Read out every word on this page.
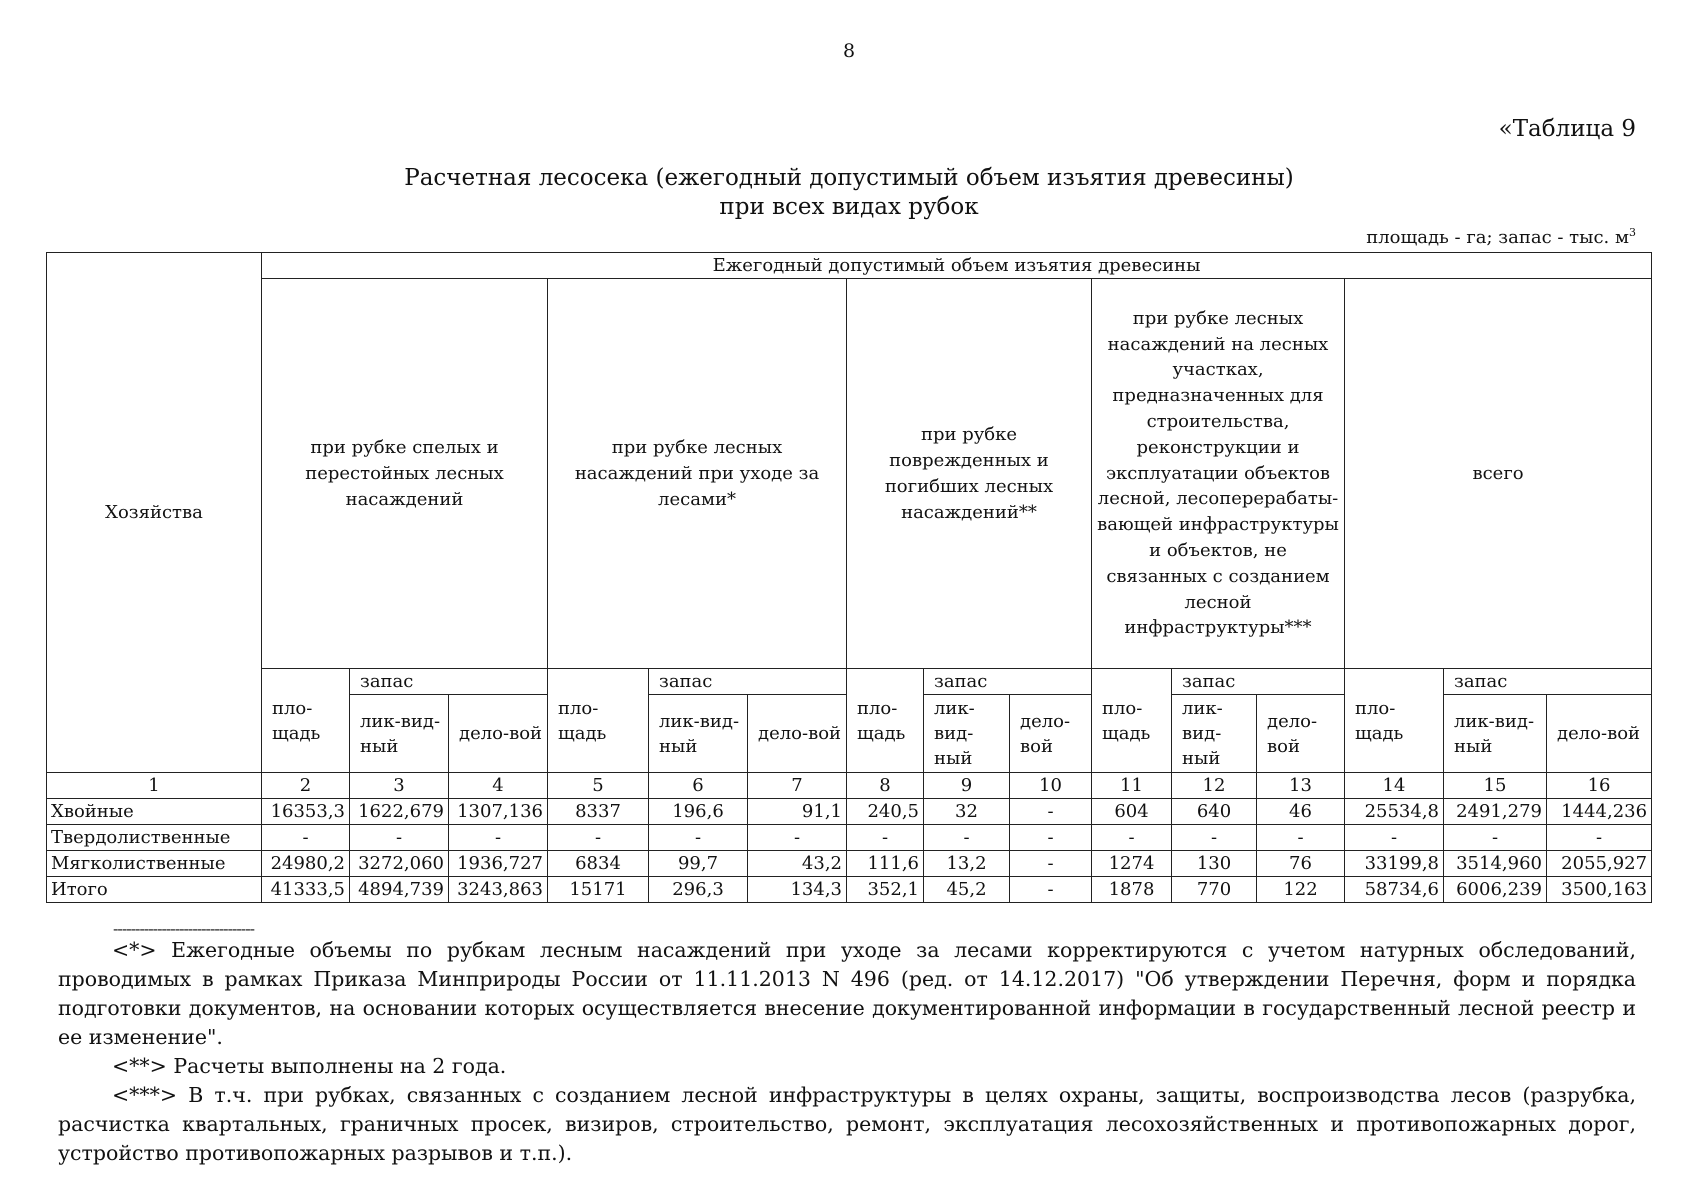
8
«Таблица 9
Расчетная лесосека (ежегодный допустимый объем изъятия древесины)
при всех видах рубок
площадь - га; запас - тыс. $м^3$
Хозяйства	Ежегодный допустимый объем изъятия древесины														
	при рубке спелых и перестойных лесных насаждений			при рубке лесных насаждений при уходе за лесами*			при рубке поврежденных и погибших лесных насаждений**			при рубке лесных насаждений на лесных участках, предназначенных для строительства, реконструкции и эксплуатации объектов лесной, лесоперерабаты-вающей инфраструктуры и объектов, не связанных с созданием лесной инфраструктуры***			всего		
	пло-щадь	запас		пло-щадь	запас		пло-щадь	запас		пло-щадь	запас		пло-щадь	запас	
		лик-вид-ный	дело-вой		лик-вид-ный	дело-вой		лик-вид-ный	дело-вой		лик-вид-ный	дело-вой		лик-вид-ный	дело-вой
1	2	3	4	5	6	7	8	9	10	11	12	13	14	15	16
Хвойные	16353,3	1622,679	1307,136	8337	196,6	91,1	240,5	32	-	604	640	46	25534,8	2491,279	1444,236
Твердолиственные	-	-	-	-	-	-	-	-	-	-	-	-	-	-	-
Мягколиственные	24980,2	3272,060	1936,727	6834	99,7	43,2	111,6	13,2	-	1274	130	76	33199,8	3514,960	2055,927
Итого	41333,5	4894,739	3243,863	15171	296,3	134,3	352,1	45,2	-	1878	770	122	58734,6	6006,239	3500,163
--------------------------------

<*> Ежегодные объемы по рубкам лесным насаждений при уходе за лесами корректируются с учетом натурных обследований, проводимых в рамках Приказа Минприроды России от 11.11.2013 N 496 (ред. от 14.12.2017) "Об утверждении Перечня, форм и порядка подготовки документов, на основании которых осуществляется внесение документированной информации в государственный лесной реестр и ее изменение".

<**> Расчеты выполнены на 2 года.

<***> В т.ч. при рубках, связанных с созданием лесной инфраструктуры в целях охраны, защиты, воспроизводства лесов (разрубка, расчистка квартальных, граничных просек, визиров, строительство, ремонт, эксплуатация лесохозяйственных и противопожарных дорог, устройство противопожарных разрывов и т.п.).
